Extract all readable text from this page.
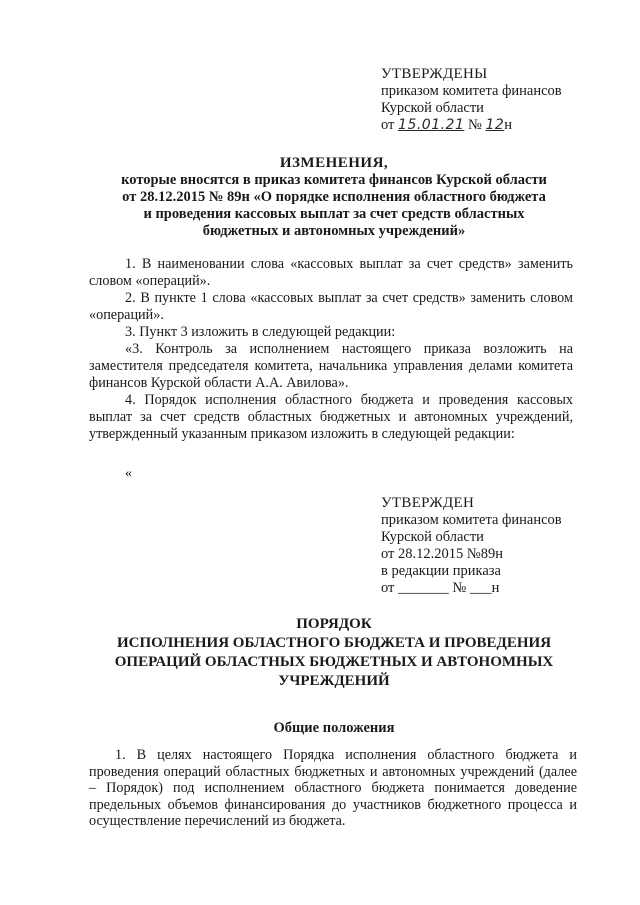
УТВЕРЖДЕНЫ
приказом комитета финансов
Курской области
от 15.01.21 № 12н
ИЗМЕНЕНИЯ,
которые вносятся в приказ комитета финансов Курской области
от 28.12.2015 № 89н «О порядке исполнения областного бюджета
и проведения кассовых выплат за счет средств областных
бюджетных и автономных учреждений»

1. В наименовании слова «кассовых выплат за счет средств» заменить словом «операций».

2. В пункте 1 слова «кассовых выплат за счет средств» заменить словом «операций».

3. Пункт 3 изложить в следующей редакции:

«3. Контроль за исполнением настоящего приказа возложить на заместителя председателя комитета, начальника управления делами комитета финансов Курской области А.А. Авилова».

4. Порядок исполнения областного бюджета и проведения кассовых выплат за счет средств областных бюджетных и автономных учреждений, утвержденный указанным приказом изложить в следующей редакции:

«
УТВЕРЖДЕН
приказом комитета финансов
Курской области
от 28.12.2015 №89н
в редакции приказа
от _______ № ___н
ПОРЯДОК
ИСПОЛНЕНИЯ ОБЛАСТНОГО БЮДЖЕТА И ПРОВЕДЕНИЯ
ОПЕРАЦИЙ ОБЛАСТНЫХ БЮДЖЕТНЫХ И АВТОНОМНЫХ
УЧРЕЖДЕНИЙ
Общие положения

1. В целях настоящего Порядка исполнения областного бюджета и проведения операций областных бюджетных и автономных учреждений (далее – Порядок) под исполнением областного бюджета понимается доведение предельных объемов финансирования до участников бюджетного процесса и осуществление перечислений из бюджета.
